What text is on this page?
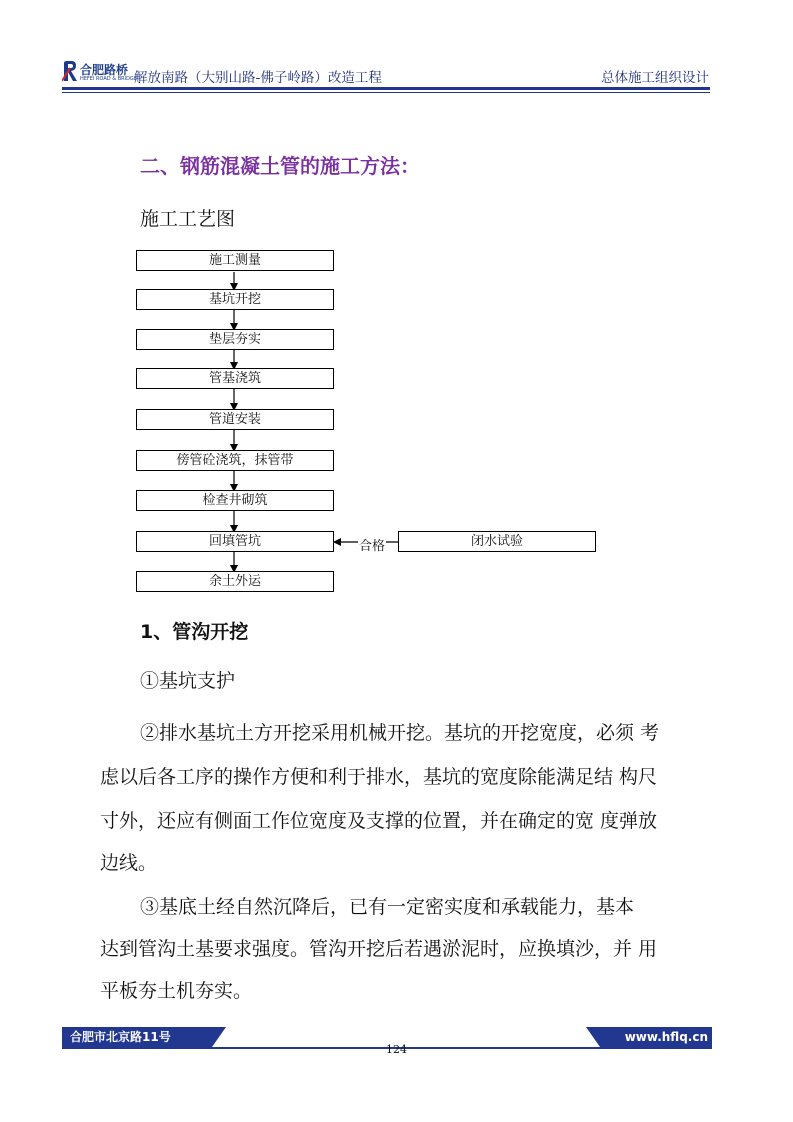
合肥路桥
HEFEI ROAD & BRIDGE
解放南路（大别山路-佛子岭路）改造工程	总体施工组织设计
二、钢筋混凝土管的施工方法：
施工工艺图
施工测量
基坑开挖
垫层夯实
管基浇筑
管道安装
傍管砼浇筑，抹管带
检查井砌筑
回填管坑
余土外运
闭水试验
合格
1、管沟开挖
①基坑支护
②排水基坑土方开挖采用机械开挖。基坑的开挖宽度，必须 考
虑以后各工序的操作方便和利于排水，基坑的宽度除能满足结 构尺
寸外，还应有侧面工作位宽度及支撑的位置，并在确定的宽 度弹放
边线。
③基底土经自然沉降后，已有一定密实度和承载能力，基本
达到管沟土基要求强度。管沟开挖后若遇淤泥时，应换填沙，并 用
平板夯土机夯实。
合肥市北京路11号	www.hflq.cn
124
